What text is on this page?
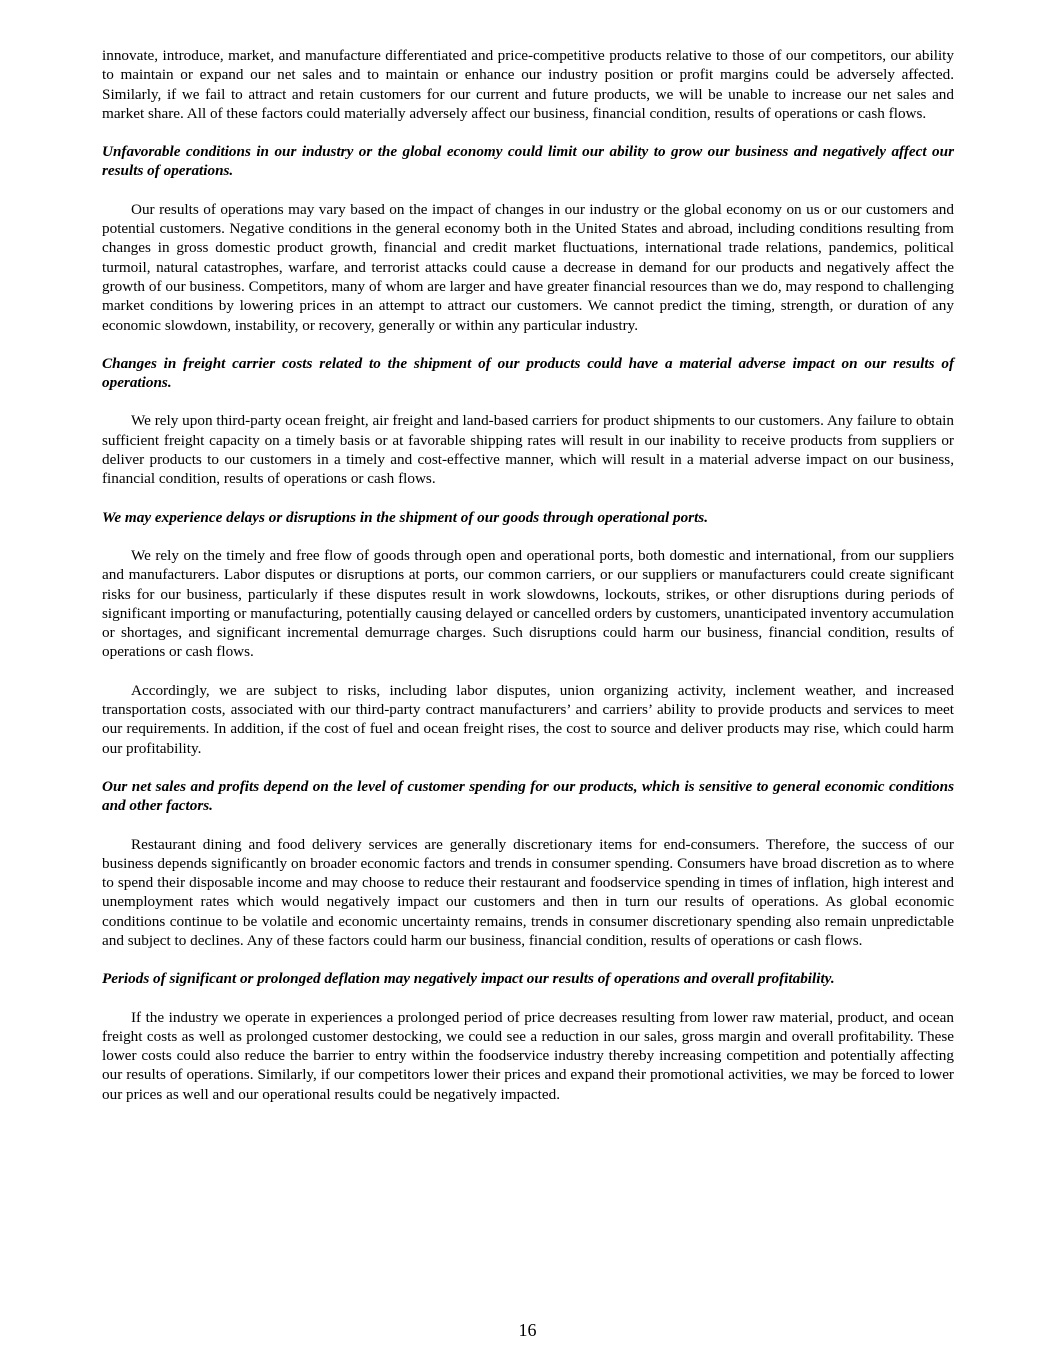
innovate, introduce, market, and manufacture differentiated and price-competitive products relative to those of our competitors, our ability to maintain or expand our net sales and to maintain or enhance our industry position or profit margins could be adversely affected. Similarly, if we fail to attract and retain customers for our current and future products, we will be unable to increase our net sales and market share. All of these factors could materially adversely affect our business, financial condition, results of operations or cash flows.

Unfavorable conditions in our industry or the global economy could limit our ability to grow our business and negatively affect our results of operations.

Our results of operations may vary based on the impact of changes in our industry or the global economy on us or our customers and potential customers. Negative conditions in the general economy both in the United States and abroad, including conditions resulting from changes in gross domestic product growth, financial and credit market fluctuations, international trade relations, pandemics, political turmoil, natural catastrophes, warfare, and terrorist attacks could cause a decrease in demand for our products and negatively affect the growth of our business. Competitors, many of whom are larger and have greater financial resources than we do, may respond to challenging market conditions by lowering prices in an attempt to attract our customers. We cannot predict the timing, strength, or duration of any economic slowdown, instability, or recovery, generally or within any particular industry.

Changes in freight carrier costs related to the shipment of our products could have a material adverse impact on our results of operations.

We rely upon third-party ocean freight, air freight and land-based carriers for product shipments to our customers. Any failure to obtain sufficient freight capacity on a timely basis or at favorable shipping rates will result in our inability to receive products from suppliers or deliver products to our customers in a timely and cost-effective manner, which will result in a material adverse impact on our business, financial condition, results of operations or cash flows.

We may experience delays or disruptions in the shipment of our goods through operational ports.

We rely on the timely and free flow of goods through open and operational ports, both domestic and international, from our suppliers and manufacturers. Labor disputes or disruptions at ports, our common carriers, or our suppliers or manufacturers could create significant risks for our business, particularly if these disputes result in work slowdowns, lockouts, strikes, or other disruptions during periods of significant importing or manufacturing, potentially causing delayed or cancelled orders by customers, unanticipated inventory accumulation or shortages, and significant incremental demurrage charges. Such disruptions could harm our business, financial condition, results of operations or cash flows.

Accordingly, we are subject to risks, including labor disputes, union organizing activity, inclement weather, and increased transportation costs, associated with our third-party contract manufacturers’ and carriers’ ability to provide products and services to meet our requirements. In addition, if the cost of fuel and ocean freight rises, the cost to source and deliver products may rise, which could harm our profitability.

Our net sales and profits depend on the level of customer spending for our products, which is sensitive to general economic conditions and other factors.

Restaurant dining and food delivery services are generally discretionary items for end-consumers. Therefore, the success of our business depends significantly on broader economic factors and trends in consumer spending. Consumers have broad discretion as to where to spend their disposable income and may choose to reduce their restaurant and foodservice spending in times of inflation, high interest and unemployment rates which would negatively impact our customers and then in turn our results of operations. As global economic conditions continue to be volatile and economic uncertainty remains, trends in consumer discretionary spending also remain unpredictable and subject to declines. Any of these factors could harm our business, financial condition, results of operations or cash flows.

Periods of significant or prolonged deflation may negatively impact our results of operations and overall profitability.

If the industry we operate in experiences a prolonged period of price decreases resulting from lower raw material, product, and ocean freight costs as well as prolonged customer destocking, we could see a reduction in our sales, gross margin and overall profitability. These lower costs could also reduce the barrier to entry within the foodservice industry thereby increasing competition and potentially affecting our results of operations. Similarly, if our competitors lower their prices and expand their promotional activities, we may be forced to lower our prices as well and our operational results could be negatively impacted.

16
